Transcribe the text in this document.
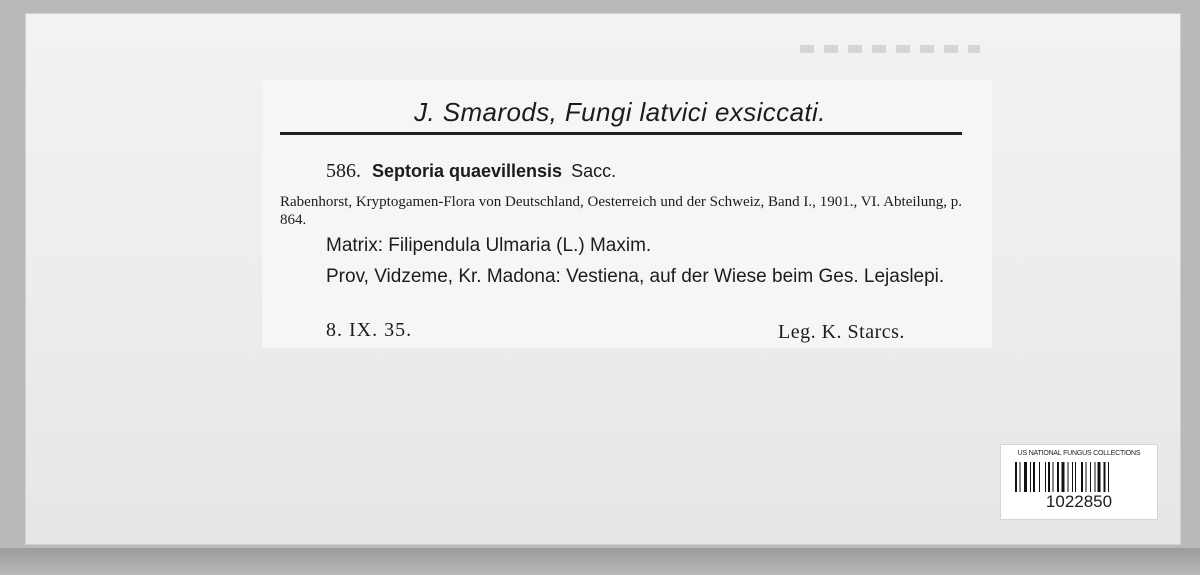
J. Smarods, Fungi latvici exsiccati.
586. Septoria quaevillensis Sacc.
Rabenhorst, Kryptogamen-Flora von Deutschland, Oesterreich und der Schweiz, Band I., 1901., VI. Abteilung, p. 864.
Matrix: Filipendula Ulmaria (L.) Maxim.
Prov, Vidzeme, Kr. Madona: Vestiena, auf der Wiese beim Ges. Lejaslepi.
8. IX. 35.	Leg. K. Starcs.
US NATIONAL FUNGUS COLLECTIONS
1022850
